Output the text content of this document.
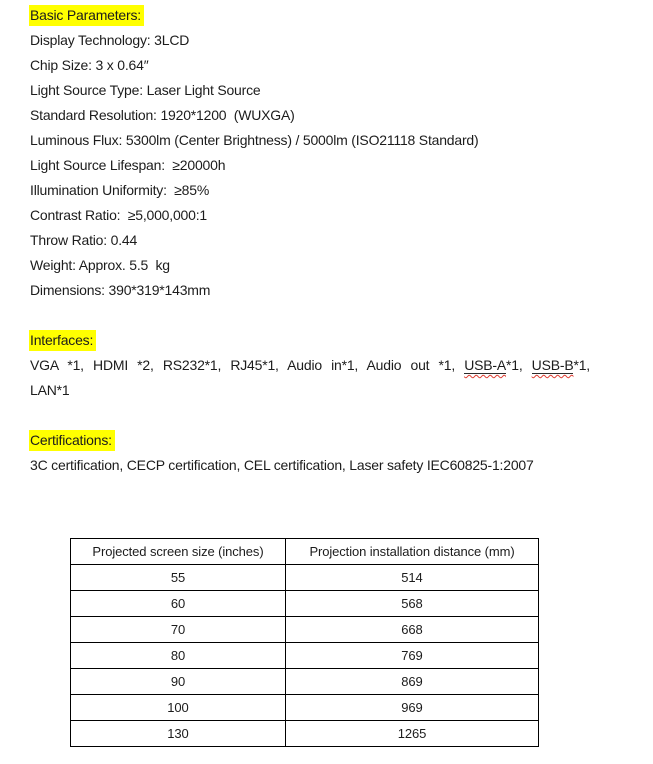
Basic Parameters:
Display Technology: 3LCD
Chip Size: 3 x 0.64″
Light Source Type: Laser Light Source
Standard Resolution: 1920*1200  (WUXGA)
Luminous Flux: 5300lm (Center Brightness) / 5000lm (ISO21118 Standard)
Light Source Lifespan:  ≥20000h
Illumination Uniformity:  ≥85%
Contrast Ratio:  ≥5,000,000:1
Throw Ratio: 0.44
Weight: Approx. 5.5  kg
Dimensions: 390*319*143mm
Interfaces:
VGA *1, HDMI *2, RS232*1, RJ45*1, Audio in*1, Audio out *1, USB-A*1, USB-B*1,
LAN*1
Certifications:
3C certification, CECP certification, CEL certification, Laser safety IEC60825-1:2007
Projected screen size (inches)	Projection installation distance (mm)
55	514
60	568
70	668
80	769
90	869
100	969
130	1265
